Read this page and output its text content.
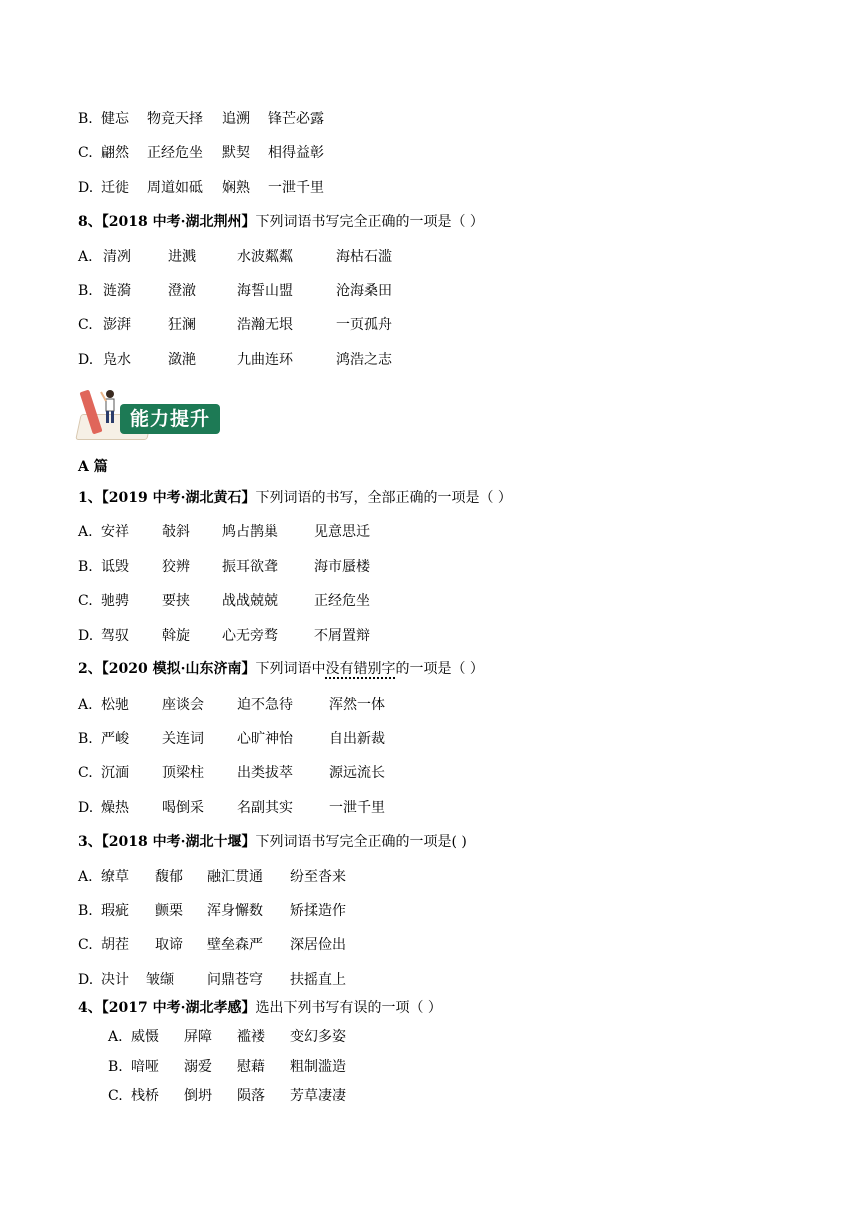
B. 健忘 物竞天择 追溯 锋芒必露
C. 翩然 正经危坐 默契 相得益彰
D. 迁徙 周道如砥 娴熟 一泄千里
8、【2018 中考·湖北荆州】下列词语书写完全正确的一项是（ ）
A. 清冽	进溅	水波粼粼	海枯石滥
B. 涟漪	澄澈	海誓山盟	沧海桑田
C. 澎湃	狂澜	浩瀚无垠	一页孤舟
D. 凫水	潋滟	九曲连环	鸿浩之志
能力提升
A 篇
1、【2019 中考·湖北黄石】下列词语的书写，全部正确的一项是（ ）
A. 安祥 攲斜 鸠占鹊巢	见意思迁
B. 诋毁 狡辨 振耳欲聋	海市蜃楼
C. 驰骋 要挟 战战兢兢	正经危坐
D. 驾驭 斡旋 心无旁骛	不屑置辩
2、【2020 模拟·山东济南】下列词语中没有错别字的一项是（ ）
A. 松驰 座谈会 迫不急待	浑然一体
B. 严峻 关连词 心旷神怡	自出新裁
C. 沉湎 顶梁柱 出类拔萃	源远流长
D. 燥热 喝倒采 名副其实	一泄千里
3、【2018 中考·湖北十堰】下列词语书写完全正确的一项是( )
A. 缭草 馥郁 融汇贯通 纷至沓来
B. 瑕疵 颤栗 浑身懈数 矫揉造作
C. 胡茬 取谛 壁垒森严 深居俭出
D. 决计 皱缬 问鼎苍穹 扶摇直上
4、【2017 中考·湖北孝感】选出下列书写有误的一项（ ）
A. 威慑 屏障 褴褛 变幻多姿
B. 喑哑 溺爱 慰藉 粗制滥造
C. 栈桥 倒坍 陨落 芳草凄凄
